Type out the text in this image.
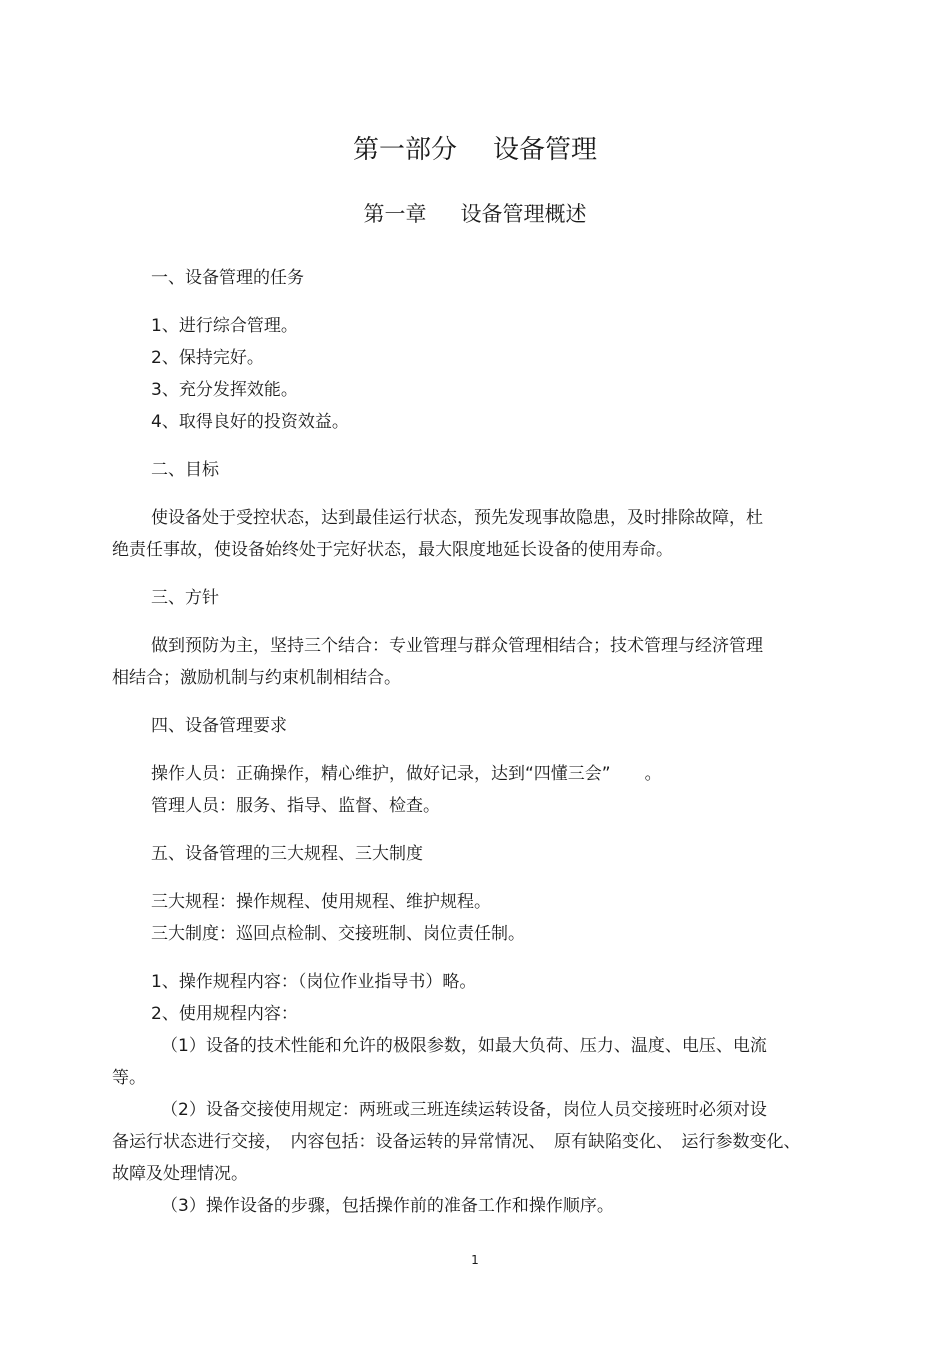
第一部分 设备管理
第一章 设备管理概述
一、设备管理的任务
1、进行综合管理。
2、保持完好。
3、充分发挥效能。
4、取得良好的投资效益。
二、目标
使设备处于受控状态，达到最佳运行状态，预先发现事故隐患，及时排除故障，杜
绝责任事故，使设备始终处于完好状态，最大限度地延长设备的使用寿命。
三、方针
做到预防为主，坚持三个结合：专业管理与群众管理相结合；技术管理与经济管理
相结合；激励机制与约束机制相结合。
四、设备管理要求
操作人员：正确操作，精心维护，做好记录，达到“四懂三会”　　。
管理人员：服务、指导、监督、检查。
五、设备管理的三大规程、三大制度
三大规程：操作规程、使用规程、维护规程。
三大制度：巡回点检制、交接班制、岗位责任制。
1、操作规程内容：（岗位作业指导书）略。
2、使用规程内容：
（1）设备的技术性能和允许的极限参数，如最大负荷、压力、温度、电压、电流
等。
（2）设备交接使用规定：两班或三班连续运转设备，岗位人员交接班时必须对设
备运行状态进行交接，　内容包括：设备运转的异常情况、　原有缺陷变化、　运行参数变化、
故障及处理情况。
（3）操作设备的步骤，包括操作前的准备工作和操作顺序。
1
